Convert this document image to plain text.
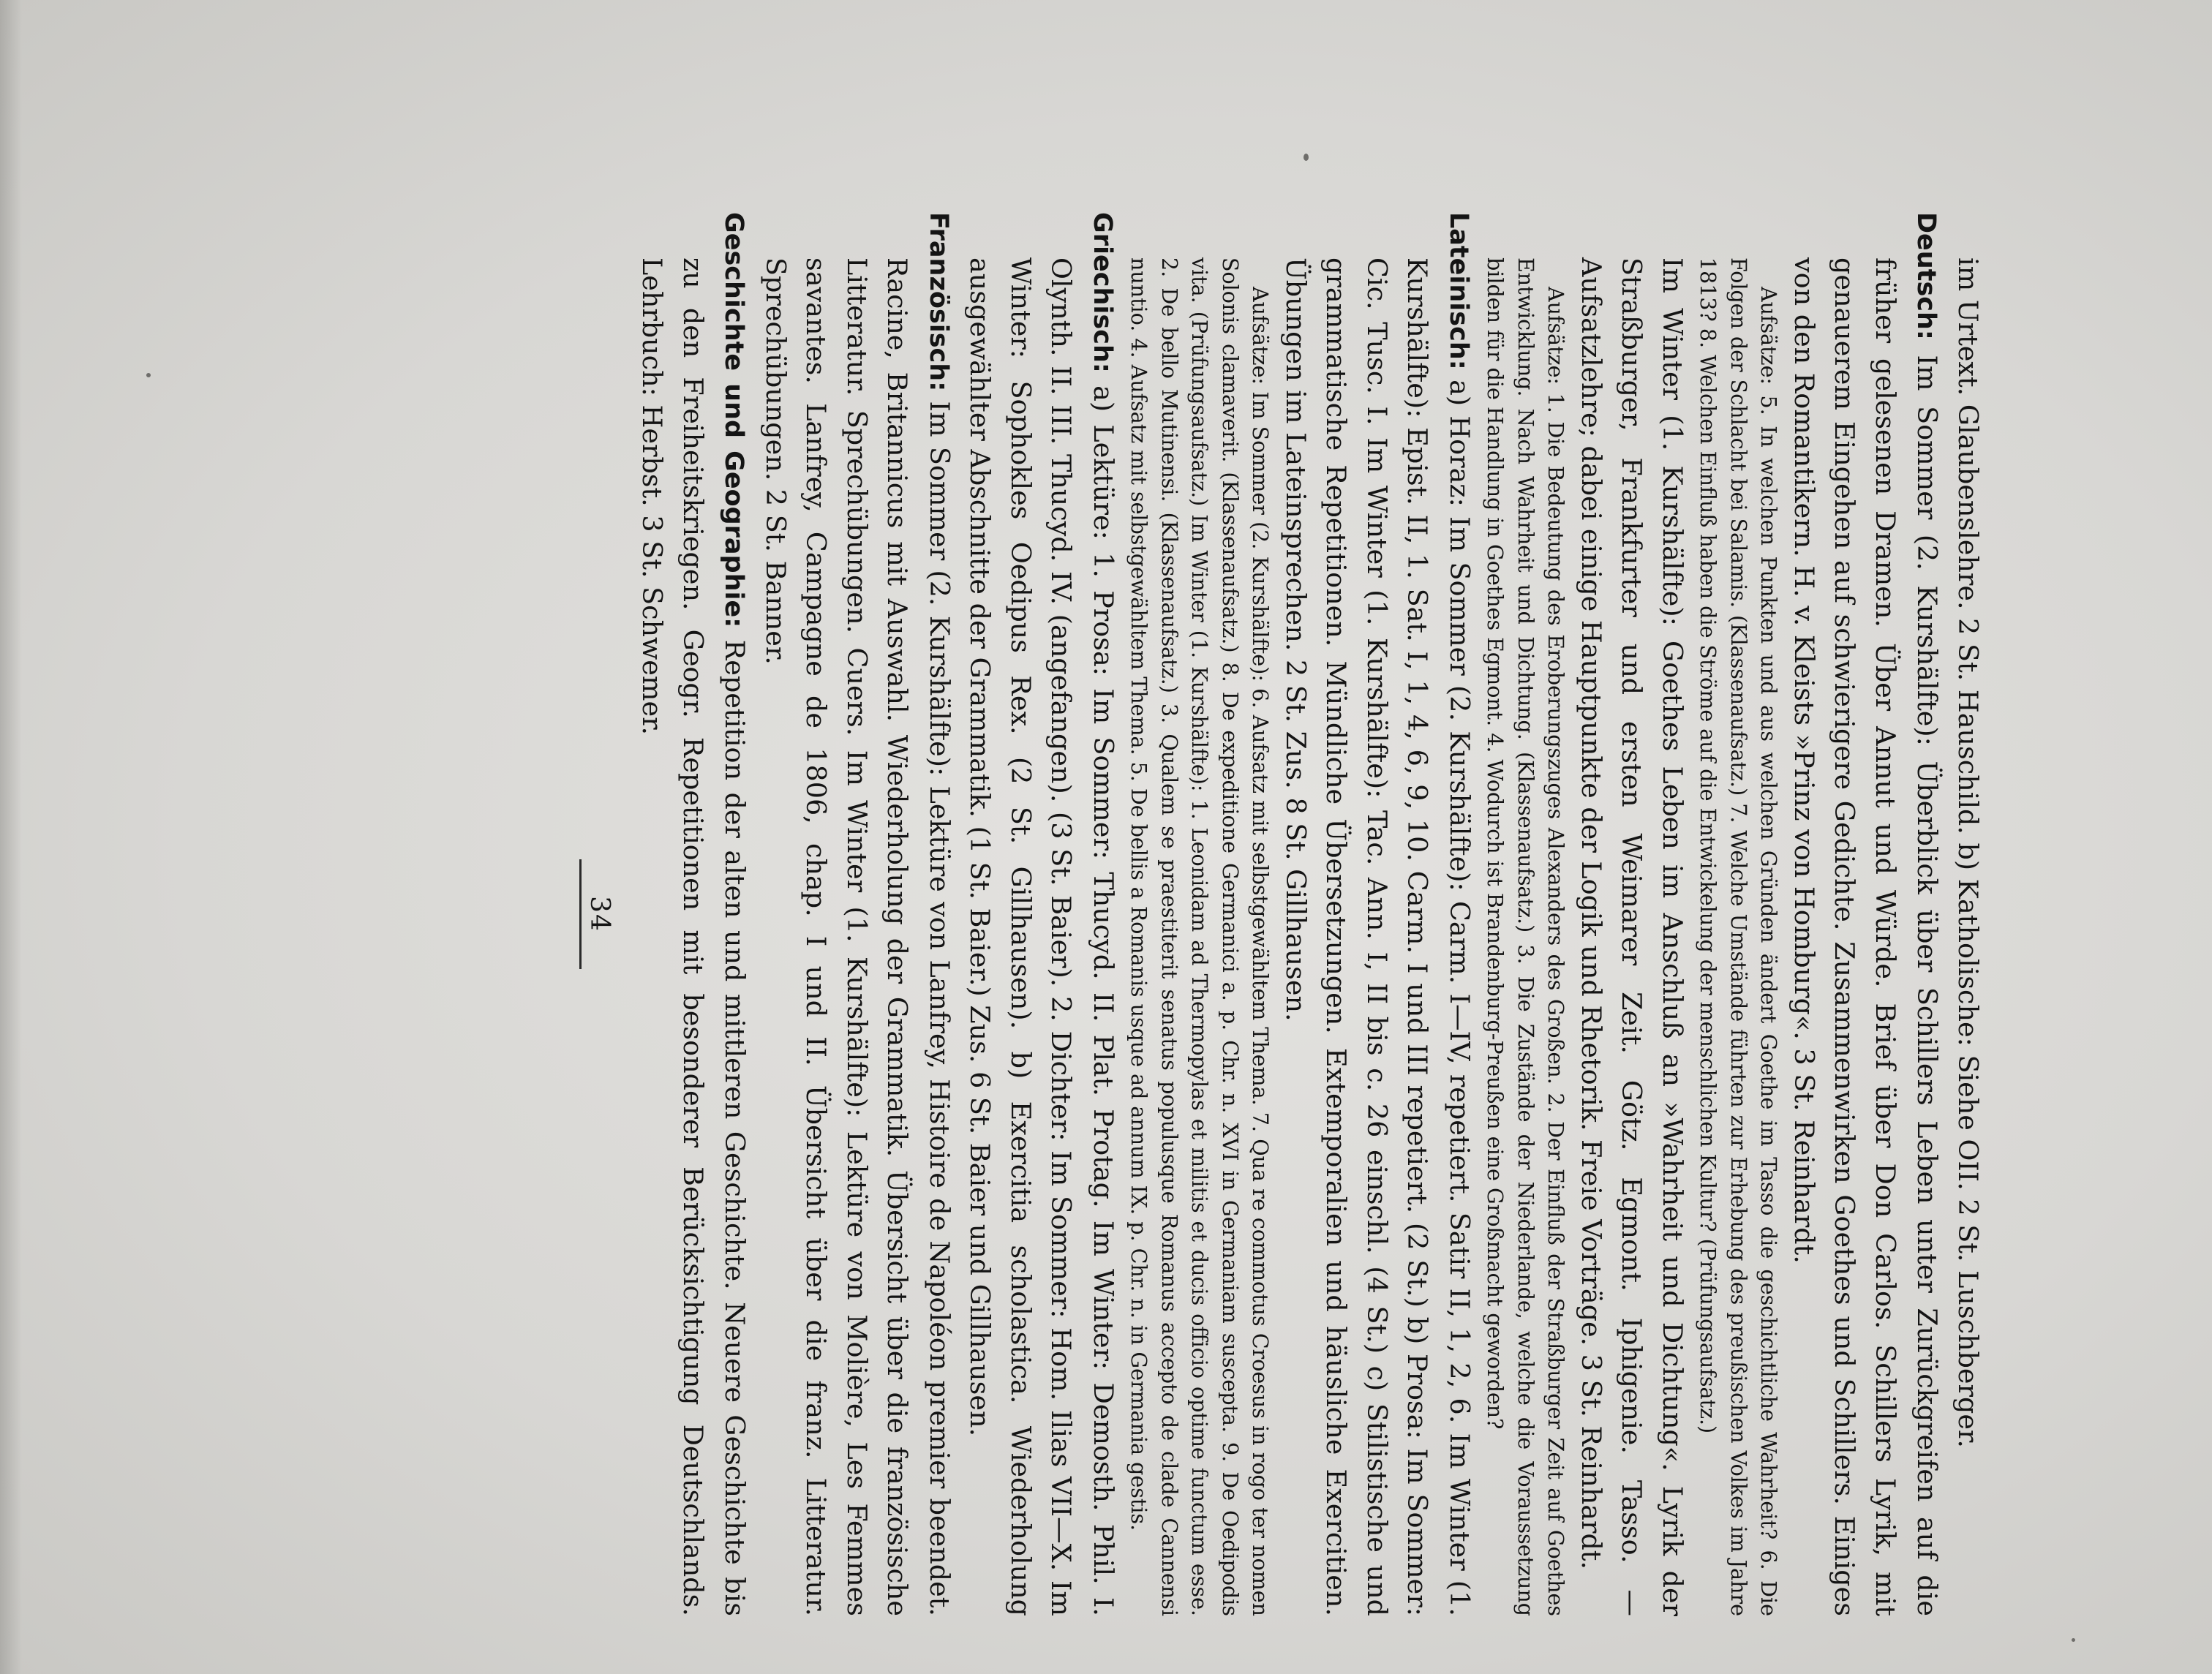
im Urtext. Glaubenslehre. 2 St. Hauschild. b) Katholische: Siehe OII. 2 St. Luschberger.

Deutsch: Im Sommer (2. Kurshälfte): Überblick über Schillers Leben unter Zurückgreifen auf die früher gelesenen Dramen. Über Annut und Würde. Brief über Don Carlos. Schillers Lyrik, mit genauerem Eingehen auf schwierigere Gedichte. Zusammenwirken Goethes und Schillers. Einiges von den Romantikern. H. v. Kleists »Prinz von Homburg«. 3 St. Reinhardt.

Aufsätze: 5. In welchen Punkten und aus welchen Gründen ändert Goethe im Tasso die geschichtliche Wahrheit? 6. Die Folgen der Schlacht bei Salamis. (Klassenaufsatz.) 7. Welche Umstände führten zur Erhebung des preußischen Volkes im Jahre 1813? 8. Welchen Einfluß haben die Ströme auf die Entwickelung der menschlichen Kultur? (Prüfungsaufsatz.)

Im Winter (1. Kurshälfte): Goethes Leben im Anschluß an »Wahrheit und Dichtung«. Lyrik der Straßburger, Frankfurter und ersten Weimarer Zeit. Götz. Egmont. Iphigenie. Tasso. — Aufsatzlehre; dabei einige Hauptpunkte der Logik und Rhetorik. Freie Vorträge. 3 St. Reinhardt.

Aufsätze: 1. Die Bedeutung des Eroberungszuges Alexanders des Großen. 2. Der Einfluß der Straßburger Zeit auf Goethes Entwicklung. Nach Wahrheit und Dichtung. (Klassenaufsatz.) 3. Die Zustände der Niederlande, welche die Voraussetzung bilden für die Handlung in Goethes Egmont. 4. Wodurch ist Brandenburg-Preußen eine Großmacht geworden?

Lateinisch: a) Horaz: Im Sommer (2. Kurshälfte): Carm. I—IV, repetiert. Satir II, 1, 2, 6. Im Winter (1. Kurshälfte): Epist. II, 1. Sat. I, 1, 4, 6, 9, 10. Carm. I und III repetiert. (2 St.) b) Prosa: Im Sommer: Cic. Tusc. I. Im Winter (1. Kurshälfte): Tac. Ann. I, II bis c. 26 einschl. (4 St.) c) Stilistische und grammatische Repetitionen. Mündliche Übersetzungen. Extemporalien und häusliche Exercitien. Übungen im Lateinsprechen. 2 St. Zus. 8 St. Gillhausen.

Aufsätze: Im Sommer (2. Kurshälfte): 6. Aufsatz mit selbstgewähltem Thema. 7. Qua re commotus Croesus in rogo ter nomen Solonis clamaverit. (Klassenaufsatz.) 8. De expeditione Germanici a. p. Chr. n. XVI in Germaniam suscepta. 9. De Oedipodis vita. (Prüfungsaufsatz.) Im Winter (1. Kurshälfte): 1. Leonidam ad Thermopylas et militis et ducis officio optime functum esse. 2. De bello Mutinensi. (Klassenaufsatz.) 3. Qualem se praestiterit senatus populusque Romanus accepto de clade Cannensi nuntio. 4. Aufsatz mit selbstgewähltem Thema. 5. De bellis a Romanis usque ad annum IX. p. Chr. n. in Germania gestis.

Griechisch: a) Lektüre: 1. Prosa: Im Sommer: Thucyd. II. Plat. Protag. Im Winter: Demosth. Phil. I. Olynth. II. III. Thucyd. IV. (angefangen). (3 St. Baier). 2. Dichter: Im Sommer: Hom. Ilias VII—X. Im Winter: Sophokles Oedipus Rex. (2 St. Gillhausen). b) Exercitia scholastica. Wiederholung ausgewählter Abschnitte der Grammatik. (1 St. Baier.) Zus. 6 St. Baier und Gillhausen.

Französisch: Im Sommer (2. Kurshälfte): Lektüre von Lanfrey, Histoire de Napoléon premier beendet. Racine, Britannicus mit Auswahl. Wiederholung der Grammatik. Übersicht über die französische Litteratur. Sprechübungen. Cuers. Im Winter (1. Kurshälfte): Lektüre von Molière, Les Femmes savantes. Lanfrey, Campagne de 1806, chap. I und II. Übersicht über die franz. Litteratur. Sprechübungen. 2 St. Banner.

Geschichte und Geographie: Repetition der alten und mittleren Geschichte. Neuere Geschichte bis zu den Freiheitskriegen. Geogr. Repetitionen mit besonderer Berücksichtigung Deutschlands. Lehrbuch: Herbst. 3 St. Schwemer.

34
